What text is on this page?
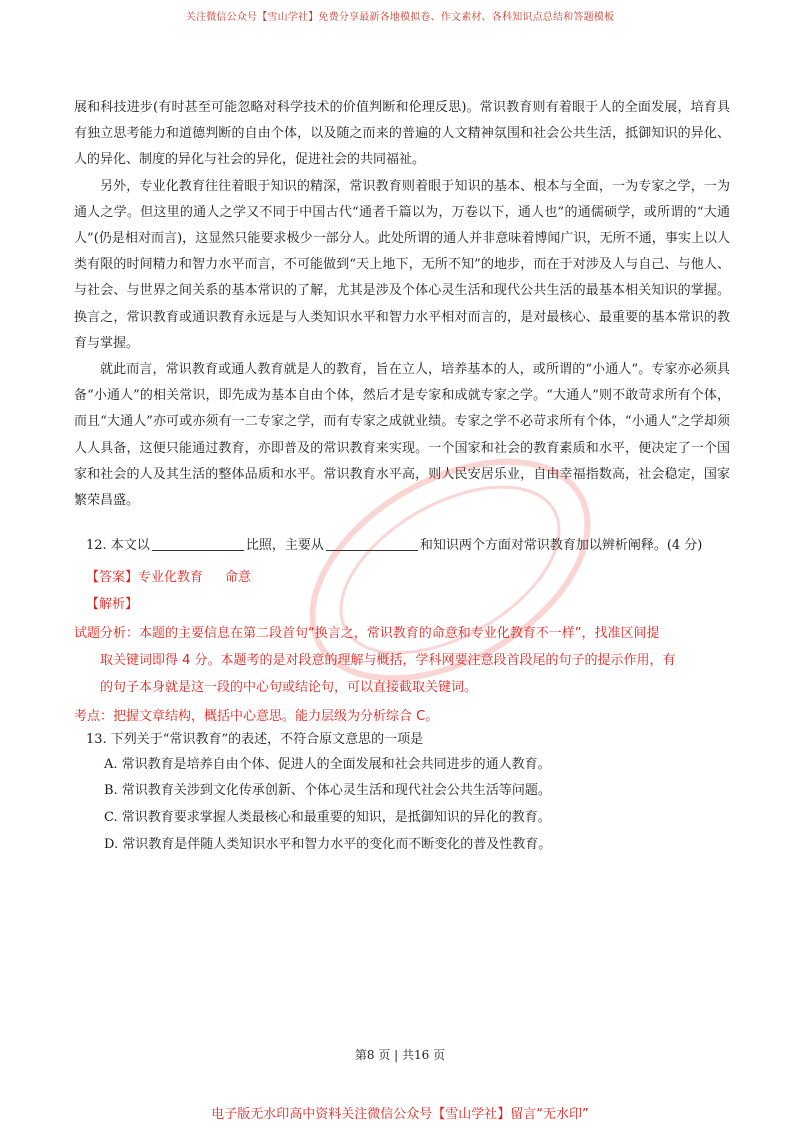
关注微信公众号【雪山学社】免费分享最新各地模拟卷、作文素材、各科知识点总结和答题模板

展和科技进步(有时甚至可能忽略对科学技术的价值判断和伦理反思)。常识教育则有着眼于人的全面发展，培育具有独立思考能力和道德判断的自由个体，以及随之而来的普遍的人文精神氛围和社会公共生活，抵御知识的异化、人的异化、制度的异化与社会的异化，促进社会的共同福祉。

另外，专业化教育往往着眼于知识的精深，常识教育则着眼于知识的基本、根本与全面，一为专家之学，一为通人之学。但这里的通人之学又不同于中国古代“通者千篇以为，万卷以下，通人也”的通儒硕学，或所谓的“大通人”(仍是相对而言)，这显然只能要求极少一部分人。此处所谓的通人并非意味着博闻广识，无所不通，事实上以人类有限的时间精力和智力水平而言，不可能做到“天上地下，无所不知”的地步，而在于对涉及人与自己、与他人、与社会、与世界之间关系的基本常识的了解，尤其是涉及个体心灵生活和现代公共生活的最基本相关知识的掌握。换言之，常识教育或通识教育永远是与人类知识水平和智力水平相对而言的，是对最核心、最重要的基本常识的教育与掌握。

就此而言，常识教育或通人教育就是人的教育，旨在立人，培养基本的人，或所谓的“小通人”。专家亦必须具备“小通人”的相关常识，即先成为基本自由个体，然后才是专家和成就专家之学。“大通人”则不敢苛求所有个体，而且“大通人”亦可或亦须有一二专家之学，而有专家之成就业绩。专家之学不必苛求所有个体，“小通人”之学却须人人具备，这便只能通过教育，亦即普及的常识教育来实现。一个国家和社会的教育素质和水平，便决定了一个国家和社会的人及其生活的整体品质和水平。常识教育水平高，则人民安居乐业，自由幸福指数高，社会稳定，国家繁荣昌盛。

12. 本文以	比照，主要从	和知识两个方面对常识教育加以辨析阐释。(4 分)
【答案】专业化教育 命意
【解析】
试题分析：本题的主要信息在第二段首句“换言之，常识教育的命意和专业化教育不一样”，找准区间提
取关键词即得 4 分。本题考的是对段意的理解与概括，学科网要注意段首段尾的句子的提示作用，有
的句子本身就是这一段的中心句或结论句，可以直接截取关键词。
考点：把握文章结构，概括中心意思。能力层级为分析综合 C。
13. 下列关于“常识教育”的表述，不符合原文意思的一项是
A. 常识教育是培养自由个体、促进人的全面发展和社会共同进步的通人教育。
B. 常识教育关涉到文化传承创新、个体心灵生活和现代社会公共生活等问题。
C. 常识教育要求掌握人类最核心和最重要的知识，是抵御知识的异化的教育。
D. 常识教育是伴随人类知识水平和智力水平的变化而不断变化的普及性教育。
第8 页 | 共16 页
电子版无水印高中资料关注微信公众号【雪山学社】留言“无水印”
